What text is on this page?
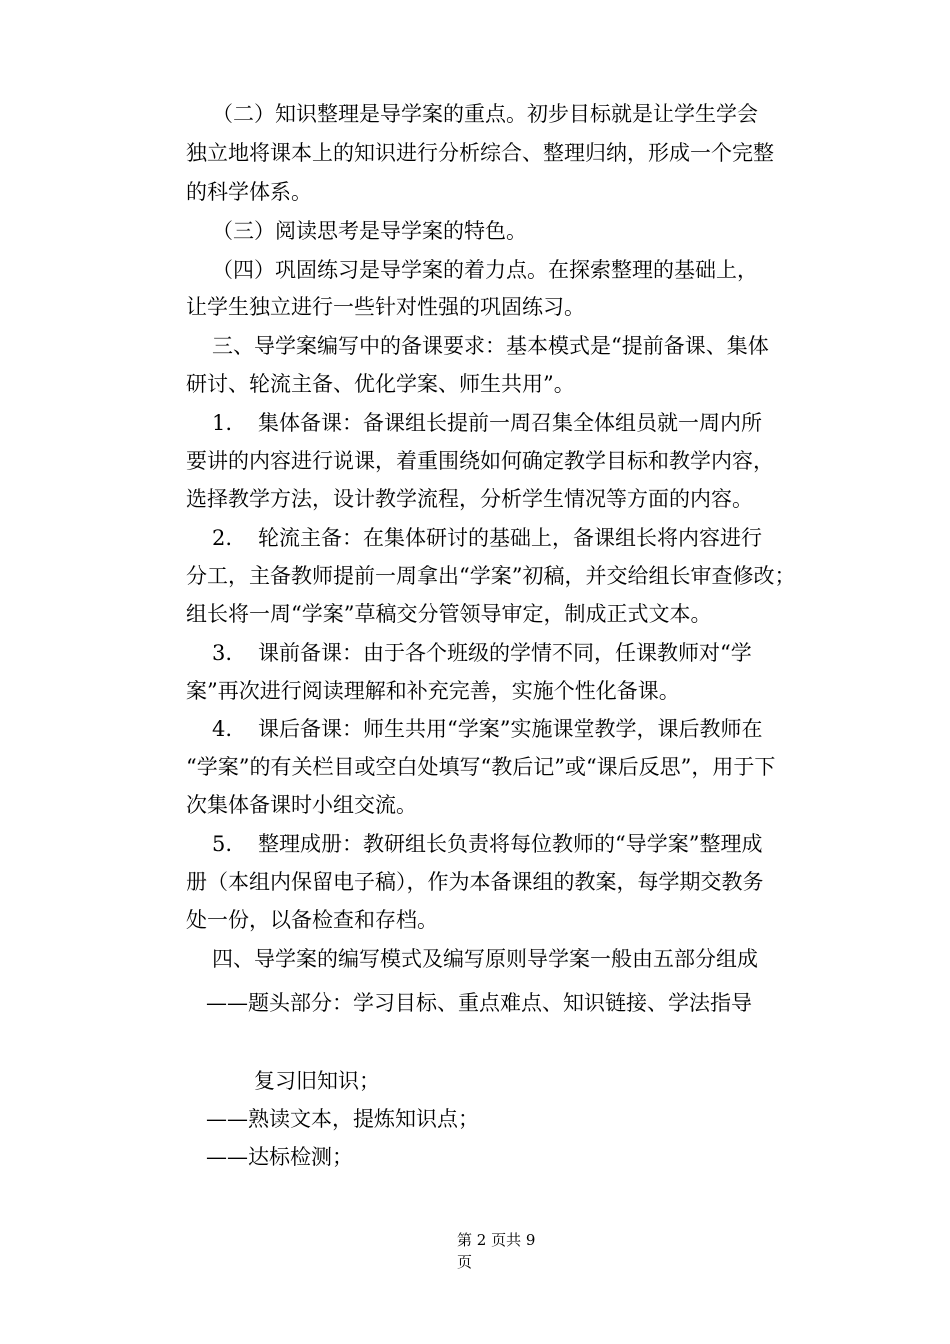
（二）知识整理是导学案的重点。初步目标就是让学生学会
独立地将课本上的知识进行分析综合、整理归纳，形成一个完整
的科学体系。
（三）阅读思考是导学案的特色。
（四）巩固练习是导学案的着力点。在探索整理的基础上，
让学生独立进行一些针对性强的巩固练习。
三、导学案编写中的备课要求：基本模式是“提前备课、集体
研讨、轮流主备、优化学案、师生共用”。
1. 集体备课：备课组长提前一周召集全体组员就一周内所
要讲的内容进行说课，着重围绕如何确定教学目标和教学内容，
选择教学方法，设计教学流程，分析学生情况等方面的内容。
2. 轮流主备：在集体研讨的基础上，备课组长将内容进行
分工，主备教师提前一周拿出“学案”初稿，并交给组长审查修改；
组长将一周“学案”草稿交分管领导审定，制成正式文本。
3. 课前备课：由于各个班级的学情不同，任课教师对“学
案”再次进行阅读理解和补充完善，实施个性化备课。
4. 课后备课：师生共用“学案”实施课堂教学，课后教师在
“学案”的有关栏目或空白处填写“教后记”或“课后反思”，用于下
次集体备课时小组交流。
5. 整理成册：教研组长负责将每位教师的“导学案”整理成
册（本组内保留电子稿），作为本备课组的教案，每学期交教务
处一份，以备检查和存档。
四、导学案的编写模式及编写原则导学案一般由五部分组成
——题头部分：学习目标、重点难点、知识链接、学法指导
复习旧知识；
——熟读文本，提炼知识点；
——达标检测；
第 2 页共 9
页
